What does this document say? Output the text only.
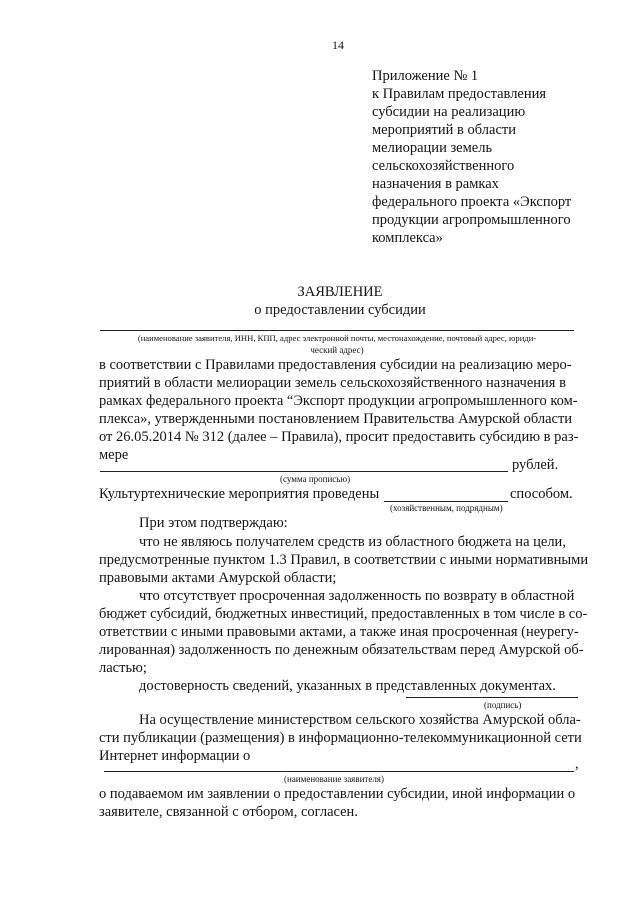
14
Приложение № 1
к Правилам предоставления
субсидии на реализацию
мероприятий в области
мелиорации земель
сельскохозяйственного
назначения в рамках
федерального проекта «Экспорт
продукции агропромышленного
комплекса»
ЗАЯВЛЕНИЕ
о предоставлении субсидии
(наименование заявителя, ИНН, КПП, адрес электронной почты, местонахождение, почтовый адрес, юриди-
ческий адрес)
в соответствии с Правилами предоставления субсидии на реализацию меро-
приятий в области мелиорации земель сельскохозяйственного назначения в
рамках федерального проекта “Экспорт продукции агропромышленного ком-
плекса», утвержденными постановлением Правительства Амурской области
от 26.05.2014 № 312 (далее – Правила), просит предоставить субсидию в раз-
мере
рублей.
(сумма прописью)
Культуртехнические мероприятия проведены	способом.
(хозяйственным, подрядным)
При этом подтверждаю:
что не являюсь получателем средств из областного бюджета на цели,
предусмотренные пунктом 1.3 Правил, в соответствии с иными нормативными
правовыми актами Амурской области;
что отсутствует просроченная задолженность по возврату в областной
бюджет субсидий, бюджетных инвестиций, предоставленных в том числе в со-
ответствии с иными правовыми актами, а также иная просроченная (неурегу-
лированная) задолженность по денежным обязательствам перед Амурской об-
ластью;
достоверность сведений, указанных в представленных документах.
(подпись)
На осуществление министерством сельского хозяйства Амурской обла-
сти публикации (размещения) в информационно-телекоммуникационной сети
Интернет информации о	,
(наименование заявителя)
о подаваемом им заявлении о предоставлении субсидии, иной информации о
заявителе, связанной с отбором, согласен.
